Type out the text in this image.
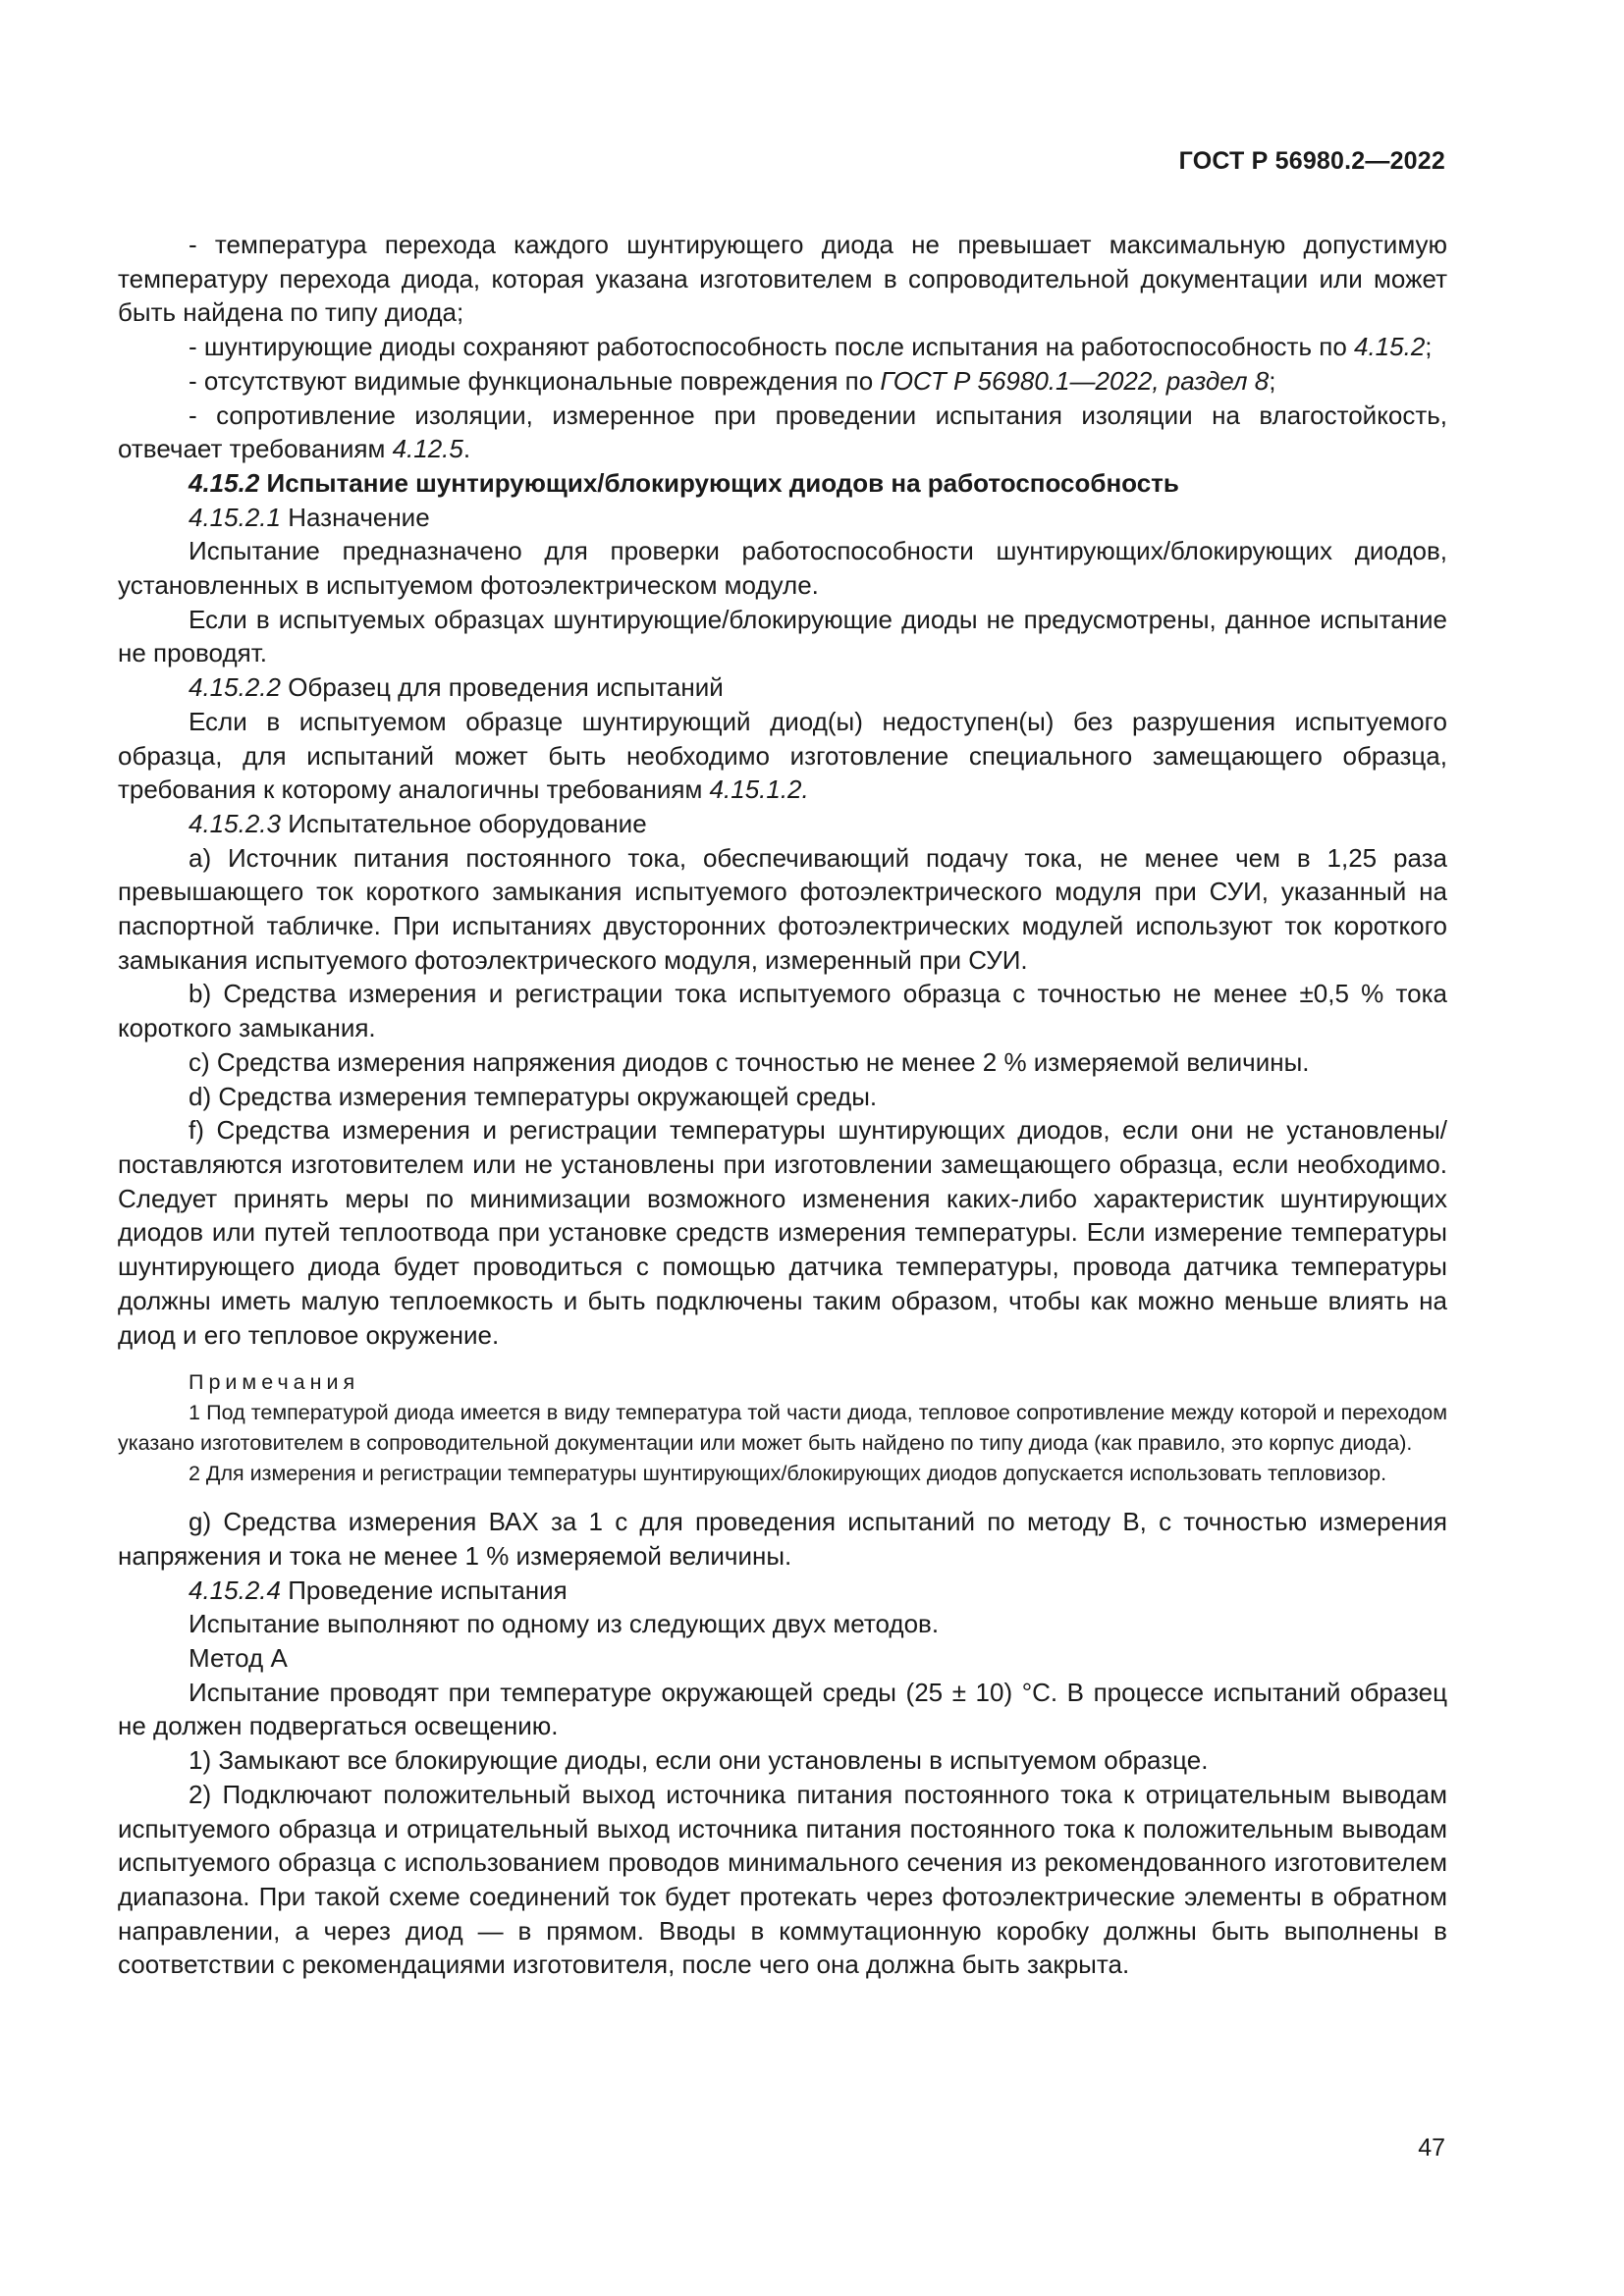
ГОСТ Р 56980.2—2022

- температура перехода каждого шунтирующего диода не превышает максимальную допустимую температуру перехода диода, которая указана изготовителем в сопроводительной документации или может быть найдена по типу диода;

- шунтирующие диоды сохраняют работоспособность после испытания на работоспособность по 4.15.2;

- отсутствуют видимые функциональные повреждения по ГОСТ Р 56980.1—2022, раздел 8;

- сопротивление изоляции, измеренное при проведении испытания изоляции на влагостойкость, отвечает требованиям 4.12.5.

4.15.2 Испытание шунтирующих/блокирующих диодов на работоспособность

4.15.2.1 Назначение

Испытание предназначено для проверки работоспособности шунтирующих/блокирующих диодов, установленных в испытуемом фотоэлектрическом модуле.

Если в испытуемых образцах шунтирующие/блокирующие диоды не предусмотрены, данное испытание не проводят.

4.15.2.2 Образец для проведения испытаний

Если в испытуемом образце шунтирующий диод(ы) недоступен(ы) без разрушения испытуемого образца, для испытаний может быть необходимо изготовление специального замещающего образца, требования к которому аналогичны требованиям 4.15.1.2.

4.15.2.3 Испытательное оборудование

a) Источник питания постоянного тока, обеспечивающий подачу тока, не менее чем в 1,25 раза превышающего ток короткого замыкания испытуемого фотоэлектрического модуля при СУИ, указанный на паспортной табличке. При испытаниях двусторонних фотоэлектрических модулей используют ток короткого замыкания испытуемого фотоэлектрического модуля, измеренный при СУИ.

b) Средства измерения и регистрации тока испытуемого образца с точностью не менее ±0,5 % тока короткого замыкания.

c) Средства измерения напряжения диодов с точностью не менее 2 % измеряемой величины.

d) Средства измерения температуры окружающей среды.

f) Средства измерения и регистрации температуры шунтирующих диодов, если они не установлены/поставляются изготовителем или не установлены при изготовлении замещающего образца, если необходимо. Следует принять меры по минимизации возможного изменения каких-либо характеристик шунтирующих диодов или путей теплоотвода при установке средств измерения температуры. Если измерение температуры шунтирующего диода будет проводиться с помощью датчика температуры, провода датчика температуры должны иметь малую теплоемкость и быть подключены таким образом, чтобы как можно меньше влиять на диод и его тепловое окружение.

Примечания

1 Под температурой диода имеется в виду температура той части диода, тепловое сопротивление между которой и переходом указано изготовителем в сопроводительной документации или может быть найдено по типу диода (как правило, это корпус диода).

2 Для измерения и регистрации температуры шунтирующих/блокирующих диодов допускается использовать тепловизор.

g) Средства измерения ВАХ за 1 с для проведения испытаний по методу В, с точностью измерения напряжения и тока не менее 1 % измеряемой величины.

4.15.2.4 Проведение испытания

Испытание выполняют по одному из следующих двух методов.

Метод А

Испытание проводят при температуре окружающей среды (25 ± 10) °С. В процессе испытаний образец не должен подвергаться освещению.

1) Замыкают все блокирующие диоды, если они установлены в испытуемом образце.

2) Подключают положительный выход источника питания постоянного тока к отрицательным выводам испытуемого образца и отрицательный выход источника питания постоянного тока к положительным выводам испытуемого образца с использованием проводов минимального сечения из рекомендованного изготовителем диапазона. При такой схеме соединений ток будет протекать через фотоэлектрические элементы в обратном направлении, а через диод — в прямом. Вводы в коммутационную коробку должны быть выполнены в соответствии с рекомендациями изготовителя, после чего она должна быть закрыта.

47
